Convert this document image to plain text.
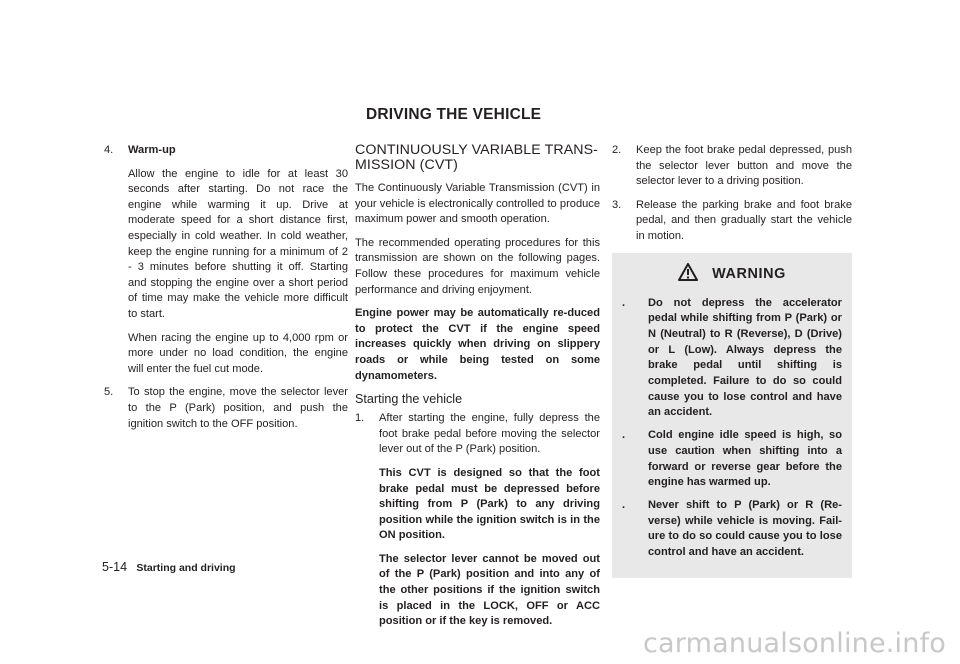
DRIVING THE VEHICLE
4.	Warm-up

Allow the engine to idle for at least 30 seconds after starting. Do not race the engine while warming it up. Drive at moderate speed for a short distance first, especially in cold weather. In cold weather, keep the engine running for a minimum of 2 - 3 minutes before shutting it off. Starting and stopping the engine over a short period of time may make the vehicle more difficult to start.

When racing the engine up to 4,000 rpm or more under no load condition, the engine will enter the fuel cut mode.

5.	To stop the engine, move the selector lever to the P (Park) position, and push the ignition switch to the OFF position.
CONTINUOUSLY VARIABLE TRANS-MISSION (CVT)

The Continuously Variable Transmission (CVT) in your vehicle is electronically controlled to produce maximum power and smooth operation.

The recommended operating procedures for this transmission are shown on the following pages. Follow these procedures for maximum vehicle performance and driving enjoyment.

Engine power may be automatically re-duced to protect the CVT if the engine speed increases quickly when driving on slippery roads or while being tested on some dynamometers.

Starting the vehicle
1.	After starting the engine, fully depress the foot brake pedal before moving the selector lever out of the P (Park) position.

This CVT is designed so that the foot brake pedal must be depressed before shifting from P (Park) to any driving position while the ignition switch is in the ON position.

The selector lever cannot be moved out of the P (Park) position and into any of the other positions if the ignition switch is placed in the LOCK, OFF or ACC position or if the key is removed.

2.	Keep the foot brake pedal depressed, push the selector lever button and move the selector lever to a driving position.
3.	Release the parking brake and foot brake pedal, and then gradually start the vehicle in motion.
WARNING
.	Do not depress the accelerator pedal while shifting from P (Park) or N (Neutral) to R (Reverse), D (Drive) or L (Low). Always depress the brake pedal until shifting is completed. Failure to do so could cause you to lose control and have an accident.
.	Cold engine idle speed is high, so use caution when shifting into a forward or reverse gear before the engine has warmed up.
.	Never shift to P (Park) or R (Re-verse) while vehicle is moving. Fail-ure to do so could cause you to lose control and have an accident.
5-14 Starting and driving
carmanualsonline.info
